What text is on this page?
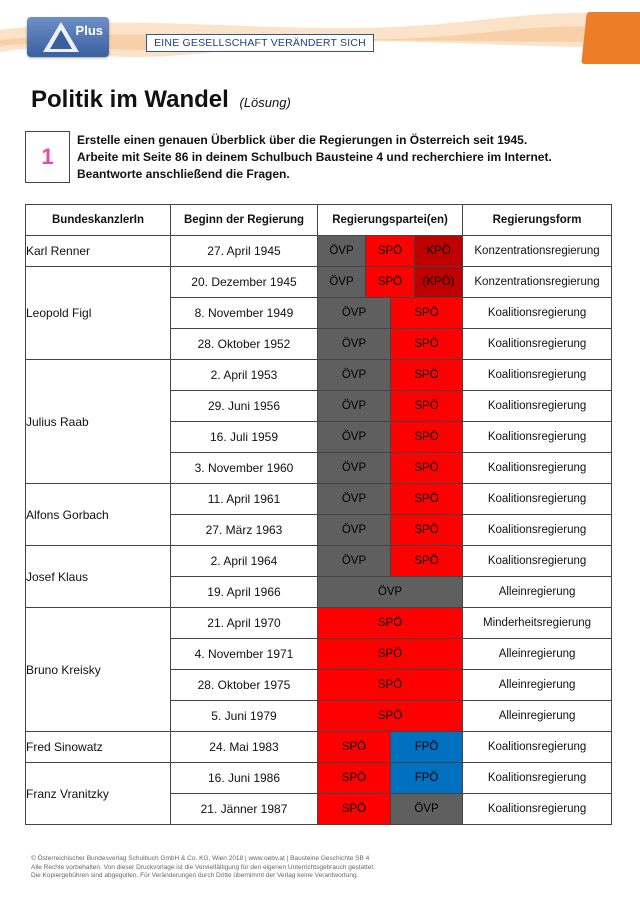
Plus
EINE GESELLSCHAFT VERÄNDERT SICH
Politik im Wandel (Lösung)
1
Erstelle einen genauen Überblick über die Regierungen in Österreich seit 1945.
Arbeite mit Seite 86 in deinem Schulbuch Bausteine 4 und recherchiere im Internet.
Beantworte anschließend die Fragen.
BundeskanzlerIn	Beginn der Regierung	Regierungspartei(en)				Regierungsform
Karl Renner	27. April 1945	ÖVP	SPÖ		KPÖ	Konzentrationsregierung
Leopold Figl	20. Dezember 1945	ÖVP	SPÖ		(KPÖ)	Konzentrationsregierung
	8. November 1949	ÖVP		SPÖ		Koalitionsregierung
	28. Oktober 1952	ÖVP		SPÖ		Koalitionsregierung
Julius Raab	2. April 1953	ÖVP		SPÖ		Koalitionsregierung
	29. Juni 1956	ÖVP		SPÖ		Koalitionsregierung
	16. Juli 1959	ÖVP		SPÖ		Koalitionsregierung
	3. November 1960	ÖVP		SPÖ		Koalitionsregierung
Alfons Gorbach	11. April 1961	ÖVP		SPÖ		Koalitionsregierung
	27. März 1963	ÖVP		SPÖ		Koalitionsregierung
Josef Klaus	2. April 1964	ÖVP		SPÖ		Koalitionsregierung
	19. April 1966	ÖVP				Alleinregierung
Bruno Kreisky	21. April 1970	SPÖ				Minderheitsregierung
	4. November 1971	SPÖ				Alleinregierung
	28. Oktober 1975	SPÖ				Alleinregierung
	5. Juni 1979	SPÖ				Alleinregierung
Fred Sinowatz	24. Mai 1983	SPÖ		FPÖ		Koalitionsregierung
Franz Vranitzky	16. Juni 1986	SPÖ		FPÖ		Koalitionsregierung
	21. Jänner 1987	SPÖ		ÖVP		Koalitionsregierung
© Österreichischer Bundesverlag Schulbuch GmbH & Co. KG, Wien 2018 | www.oebv.at | Bausteine Geschichte SB 4
Alle Rechte vorbehalten. Von dieser Druckvorlage ist die Vervielfältigung für den eigenen Unterrichtsgebrauch gestattet.
Die Kopiergebühren sind abgegolten. Für Veränderungen durch Dritte übernimmt der Verlag keine Verantwortung.
